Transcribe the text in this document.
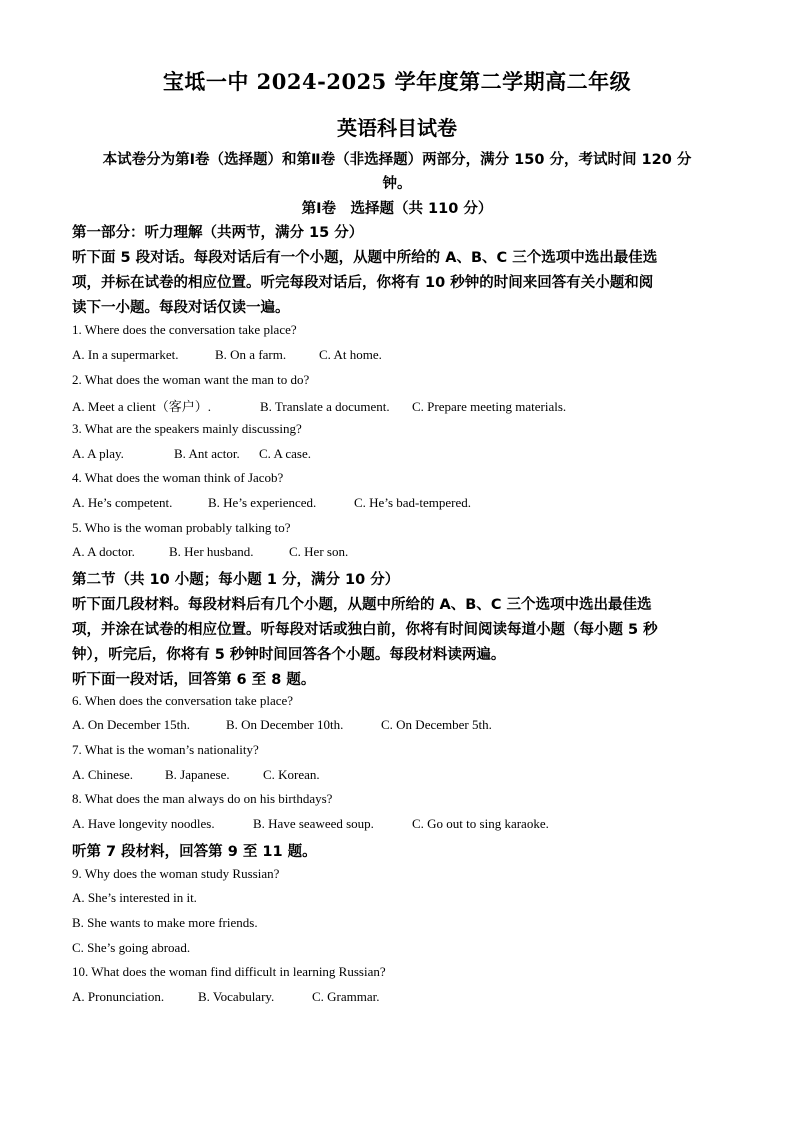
宝坻一中 2024-2025 学年度第二学期高二年级
英语科目试卷
本试卷分为第Ⅰ卷（选择题）和第Ⅱ卷（非选择题）两部分，满分 150 分，考试时间 120 分
钟。
第Ⅰ卷　选择题（共 110 分）
第一部分：听力理解（共两节，满分 15 分）
听下面 5 段对话。每段对话后有一个小题，从题中所给的 A、B、C 三个选项中选出最佳选
项，并标在试卷的相应位置。听完每段对话后，你将有 10 秒钟的时间来回答有关小题和阅
读下一小题。每段对话仅读一遍。
1. Where does the conversation take place?
A. In a supermarket.	B. On a farm.	C. At home.
2. What does the woman want the man to do?
A. Meet a client（客户）.	B. Translate a document. C. Prepare meeting materials.
3. What are the speakers mainly discussing?
A. A play.	B. Ant actor. C. A case.
4. What does the woman think of Jacob?
A. He’s competent.	B. He’s experienced.	C. He’s bad-tempered.
5. Who is the woman probably talking to?
A. A doctor.	B. Her husband.	C. Her son.
第二节（共 10 小题；每小题 1 分，满分 10 分）
听下面几段材料。每段材料后有几个小题，从题中所给的 A、B、C 三个选项中选出最佳选
项，并涂在试卷的相应位置。听每段对话或独白前，你将有时间阅读每道小题（每小题 5 秒
钟），听完后，你将有 5 秒钟时间回答各个小题。每段材料读两遍。
听下面一段对话，回答第 6 至 8 题。
6. When does the conversation take place?
A. On December 15th.	B. On December 10th.	C. On December 5th.
7. What is the woman’s nationality?
A. Chinese. B. Japanese.	C. Korean.
8. What does the man always do on his birthdays?
A. Have longevity noodles.	B. Have seaweed soup.	C. Go out to sing karaoke.
听第 7 段材料，回答第 9 至 11 题。
9. Why does the woman study Russian?
A. She’s interested in it.
B. She wants to make more friends.
C. She’s going abroad.
10. What does the woman find difficult in learning Russian?
A. Pronunciation.	B. Vocabulary.	C. Grammar.
